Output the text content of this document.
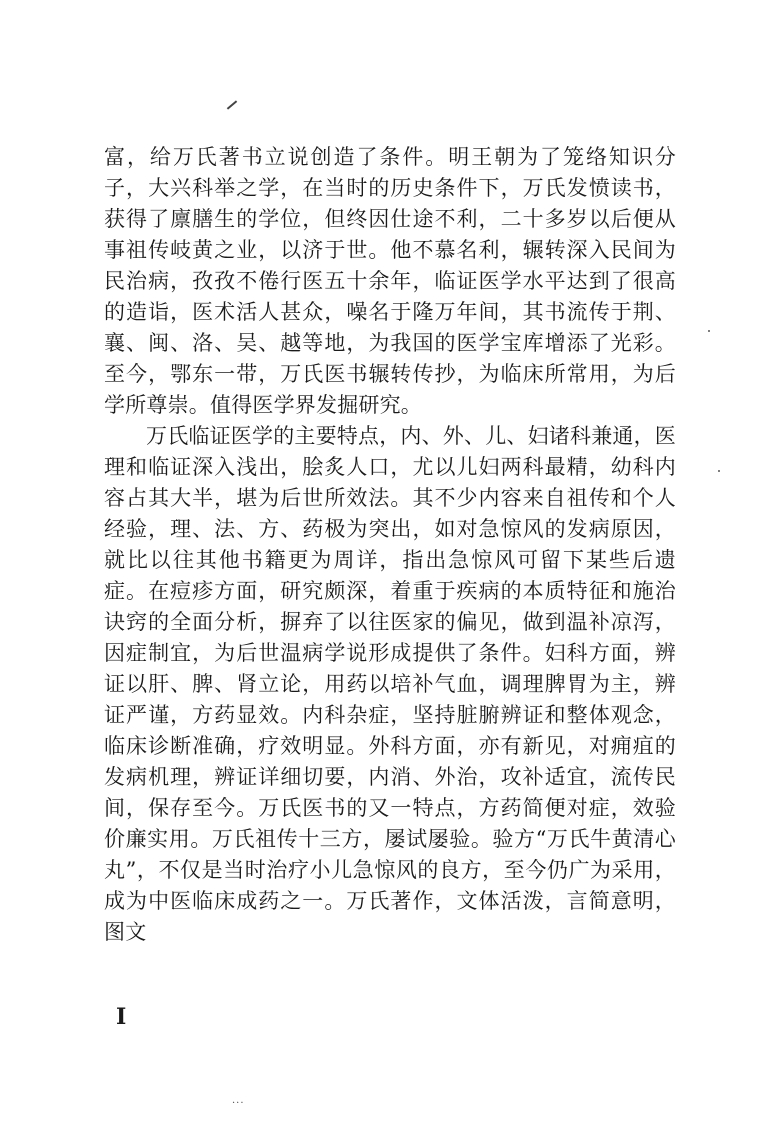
富，给万氏著书立说创造了条件。明王朝为了笼络知识分子，大兴科举之学，在当时的历史条件下，万氏发愤读书，获得了廪膳生的学位，但终因仕途不利，二十多岁以后便从事祖传岐黄之业，以济于世。他不慕名利，辗转深入民间为民治病，孜孜不倦行医五十余年，临证医学水平达到了很高的造诣，医术活人甚众，噪名于隆万年间，其书流传于荆、襄、闽、洛、吴、越等地，为我国的医学宝库增添了光彩。至今，鄂东一带，万氏医书辗转传抄，为临床所常用，为后学所尊崇。值得医学界发掘研究。

万氏临证医学的主要特点，内、外、儿、妇诸科兼通，医理和临证深入浅出，脍炙人口，尤以儿妇两科最精，幼科内容占其大半，堪为后世所效法。其不少内容来自祖传和个人经验，理、法、方、药极为突出，如对急惊风的发病原因，就比以往其他书籍更为周详，指出急惊风可留下某些后遗症。在痘疹方面，研究颇深，着重于疾病的本质特征和施治诀窍的全面分析，摒弃了以往医家的偏见，做到温补凉泻，因症制宜，为后世温病学说形成提供了条件。妇科方面，辨证以肝、脾、肾立论，用药以培补气血，调理脾胃为主，辨证严谨，方药显效。内科杂症，坚持脏腑辨证和整体观念，临床诊断准确，疗效明显。外科方面，亦有新见，对痈疽的发病机理，辨证详细切要，内消、外治，攻补适宜，流传民间，保存至今。万氏医书的又一特点，方药简便对症，效验价廉实用。万氏祖传十三方，屡试屡验。验方“万氏牛黄清心丸”，不仅是当时治疗小儿急惊风的良方，至今仍广为采用，成为中医临床成药之一。万氏著作，文体活泼，言简意明，图文

I
···
